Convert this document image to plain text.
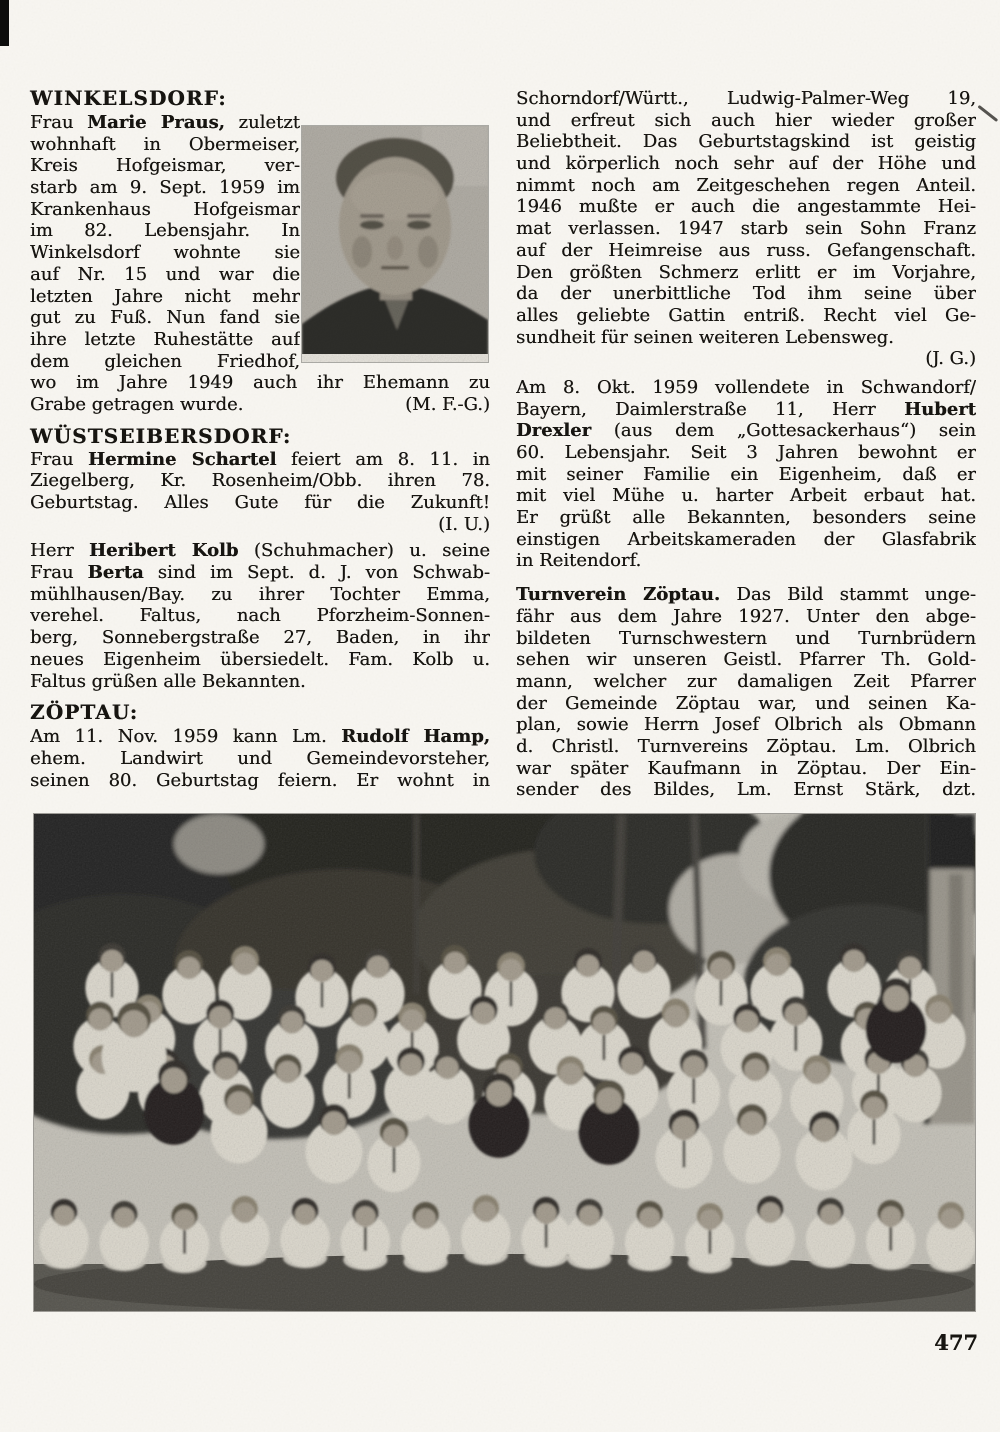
WINKELSDORF:
Frau Marie Praus, zuletzt
wohnhaft in Obermeiser,
Kreis Hofgeismar, ver-
starb am 9. Sept. 1959 im
Krankenhaus Hofgeismar
im 82. Lebensjahr. In
Winkelsdorf wohnte sie
auf Nr. 15 und war die
letzten Jahre nicht mehr
gut zu Fuß. Nun fand sie
ihre letzte Ruhestätte auf
dem gleichen Friedhof,
wo im Jahre 1949 auch ihr Ehemann zu
Grabe getragen wurde.	(M. F.-G.)
WÜSTSEIBERSDORF:
Frau Hermine Schartel feiert am 8. 11. in
Ziegelberg, Kr. Rosenheim/Obb. ihren 78.
Geburtstag. Alles Gute für die Zukunft!
(I. U.)
Herr Heribert Kolb (Schuhmacher) u. seine
Frau Berta sind im Sept. d. J. von Schwab-
mühlhausen/Bay. zu ihrer Tochter Emma,
verehel. Faltus, nach Pforzheim-Sonnen-
berg, Sonnebergstraße 27, Baden, in ihr
neues Eigenheim übersiedelt. Fam. Kolb u.
Faltus grüßen alle Bekannten.
ZÖPTAU:
Am 11. Nov. 1959 kann Lm. Rudolf Hamp,
ehem. Landwirt und Gemeindevorsteher,
seinen 80. Geburtstag feiern. Er wohnt in
Schorndorf/Württ., Ludwig-Palmer-Weg 19,
und erfreut sich auch hier wieder großer
Beliebtheit. Das Geburtstagskind ist geistig
und körperlich noch sehr auf der Höhe und
nimmt noch am Zeitgeschehen regen Anteil.
1946 mußte er auch die angestammte Hei-
mat verlassen. 1947 starb sein Sohn Franz
auf der Heimreise aus russ. Gefangenschaft.
Den größten Schmerz erlitt er im Vorjahre,
da der unerbittliche Tod ihm seine über
alles geliebte Gattin entriß. Recht viel Ge-
sundheit für seinen weiteren Lebensweg.
(J. G.)
Am 8. Okt. 1959 vollendete in Schwandorf/
Bayern, Daimlerstraße 11, Herr Hubert
Drexler (aus dem „Gottesackerhaus“) sein
60. Lebensjahr. Seit 3 Jahren bewohnt er
mit seiner Familie ein Eigenheim, daß er
mit viel Mühe u. harter Arbeit erbaut hat.
Er grüßt alle Bekannten, besonders seine
einstigen Arbeitskameraden der Glasfabrik
in Reitendorf.
Turnverein Zöptau. Das Bild stammt unge-
fähr aus dem Jahre 1927. Unter den abge-
bildeten Turnschwestern und Turnbrüdern
sehen wir unseren Geistl. Pfarrer Th. Gold-
mann, welcher zur damaligen Zeit Pfarrer
der Gemeinde Zöptau war, und seinen Ka-
plan, sowie Herrn Josef Olbrich als Obmann
d. Christl. Turnvereins Zöptau. Lm. Olbrich
war später Kaufmann in Zöptau. Der Ein-
sender des Bildes, Lm. Ernst Stärk, dzt.
477
